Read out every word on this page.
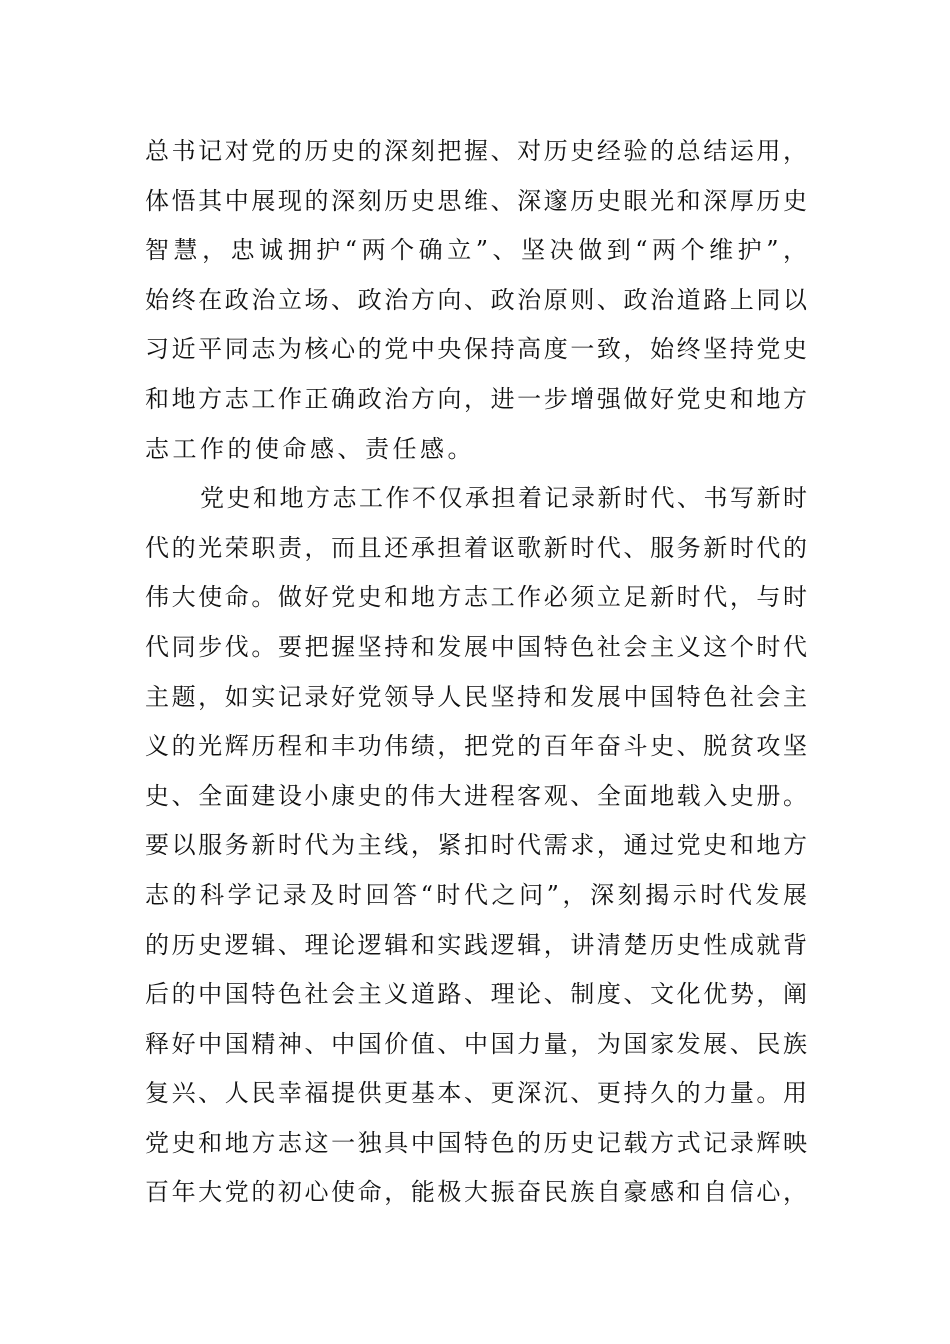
总书记对党的历史的深刻把握、对历史经验的总结运用，
体悟其中展现的深刻历史思维、深邃历史眼光和深厚历史
智慧，忠诚拥护“两个确立”、坚决做到“两个维护”，
始终在政治立场、政治方向、政治原则、政治道路上同以
习近平同志为核心的党中央保持高度一致，始终坚持党史
和地方志工作正确政治方向，进一步增强做好党史和地方
志工作的使命感、责任感。
党史和地方志工作不仅承担着记录新时代、书写新时
代的光荣职责，而且还承担着讴歌新时代、服务新时代的
伟大使命。做好党史和地方志工作必须立足新时代，与时
代同步伐。要把握坚持和发展中国特色社会主义这个时代
主题，如实记录好党领导人民坚持和发展中国特色社会主
义的光辉历程和丰功伟绩，把党的百年奋斗史、脱贫攻坚
史、全面建设小康史的伟大进程客观、全面地载入史册。
要以服务新时代为主线，紧扣时代需求，通过党史和地方
志的科学记录及时回答“时代之问”，深刻揭示时代发展
的历史逻辑、理论逻辑和实践逻辑，讲清楚历史性成就背
后的中国特色社会主义道路、理论、制度、文化优势，阐
释好中国精神、中国价值、中国力量，为国家发展、民族
复兴、人民幸福提供更基本、更深沉、更持久的力量。用
党史和地方志这一独具中国特色的历史记载方式记录辉映
百年大党的初心使命，能极大振奋民族自豪感和自信心，
